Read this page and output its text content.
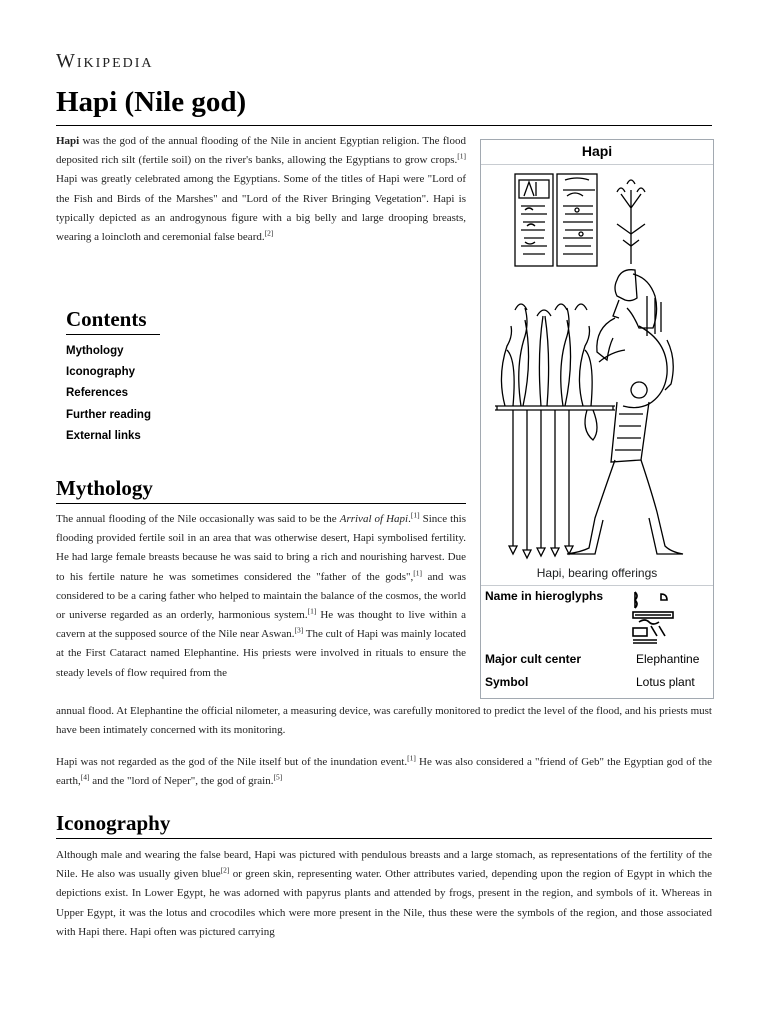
Wikipedia
Hapi (Nile god)

Hapi was the god of the annual flooding of the Nile in ancient Egyptian religion. The flood deposited rich silt (fertile soil) on the river's banks, allowing the Egyptians to grow crops.[1] Hapi was greatly celebrated among the Egyptians. Some of the titles of Hapi were "Lord of the Fish and Birds of the Marshes" and "Lord of the River Bringing Vegetation". Hapi is typically depicted as an androgynous figure with a big belly and large drooping breasts, wearing a loincloth and ceremonial false beard.[2]

Contents
Mythology
Iconography
References
Further reading
External links
Mythology

The annual flooding of the Nile occasionally was said to be the Arrival of Hapi.[1] Since this flooding provided fertile soil in an area that was otherwise desert, Hapi symbolised fertility. He had large female breasts because he was said to bring a rich and nourishing harvest. Due to his fertile nature he was sometimes considered the "father of the gods",[1] and was considered to be a caring father who helped to maintain the balance of the cosmos, the world or universe regarded as an orderly, harmonious system.[1] He was thought to live within a cavern at the supposed source of the Nile near Aswan.[3] The cult of Hapi was mainly located at the First Cataract named Elephantine. His priests were involved in rituals to ensure the steady levels of flow required from the

annual flood. At Elephantine the official nilometer, a measuring device, was carefully monitored to predict the level of the flood, and his priests must have been intimately concerned with its monitoring.

Hapi was not regarded as the god of the Nile itself but of the inundation event.[1] He was also considered a "friend of Geb" the Egyptian god of the earth,[4] and the "lord of Neper", the god of grain.[5]

Iconography

Although male and wearing the false beard, Hapi was pictured with pendulous breasts and a large stomach, as representations of the fertility of the Nile. He also was usually given blue[2] or green skin, representing water. Other attributes varied, depending upon the region of Egypt in which the depictions exist. In Lower Egypt, he was adorned with papyrus plants and attended by frogs, present in the region, and symbols of it. Whereas in Upper Egypt, it was the lotus and crocodiles which were more present in the Nile, thus these were the symbols of the region, and those associated with Hapi there. Hapi often was pictured carrying

Hapi
Hapi, bearing offerings
Name in hieroglyphs
Major cult center	Elephantine
Symbol	Lotus plant
